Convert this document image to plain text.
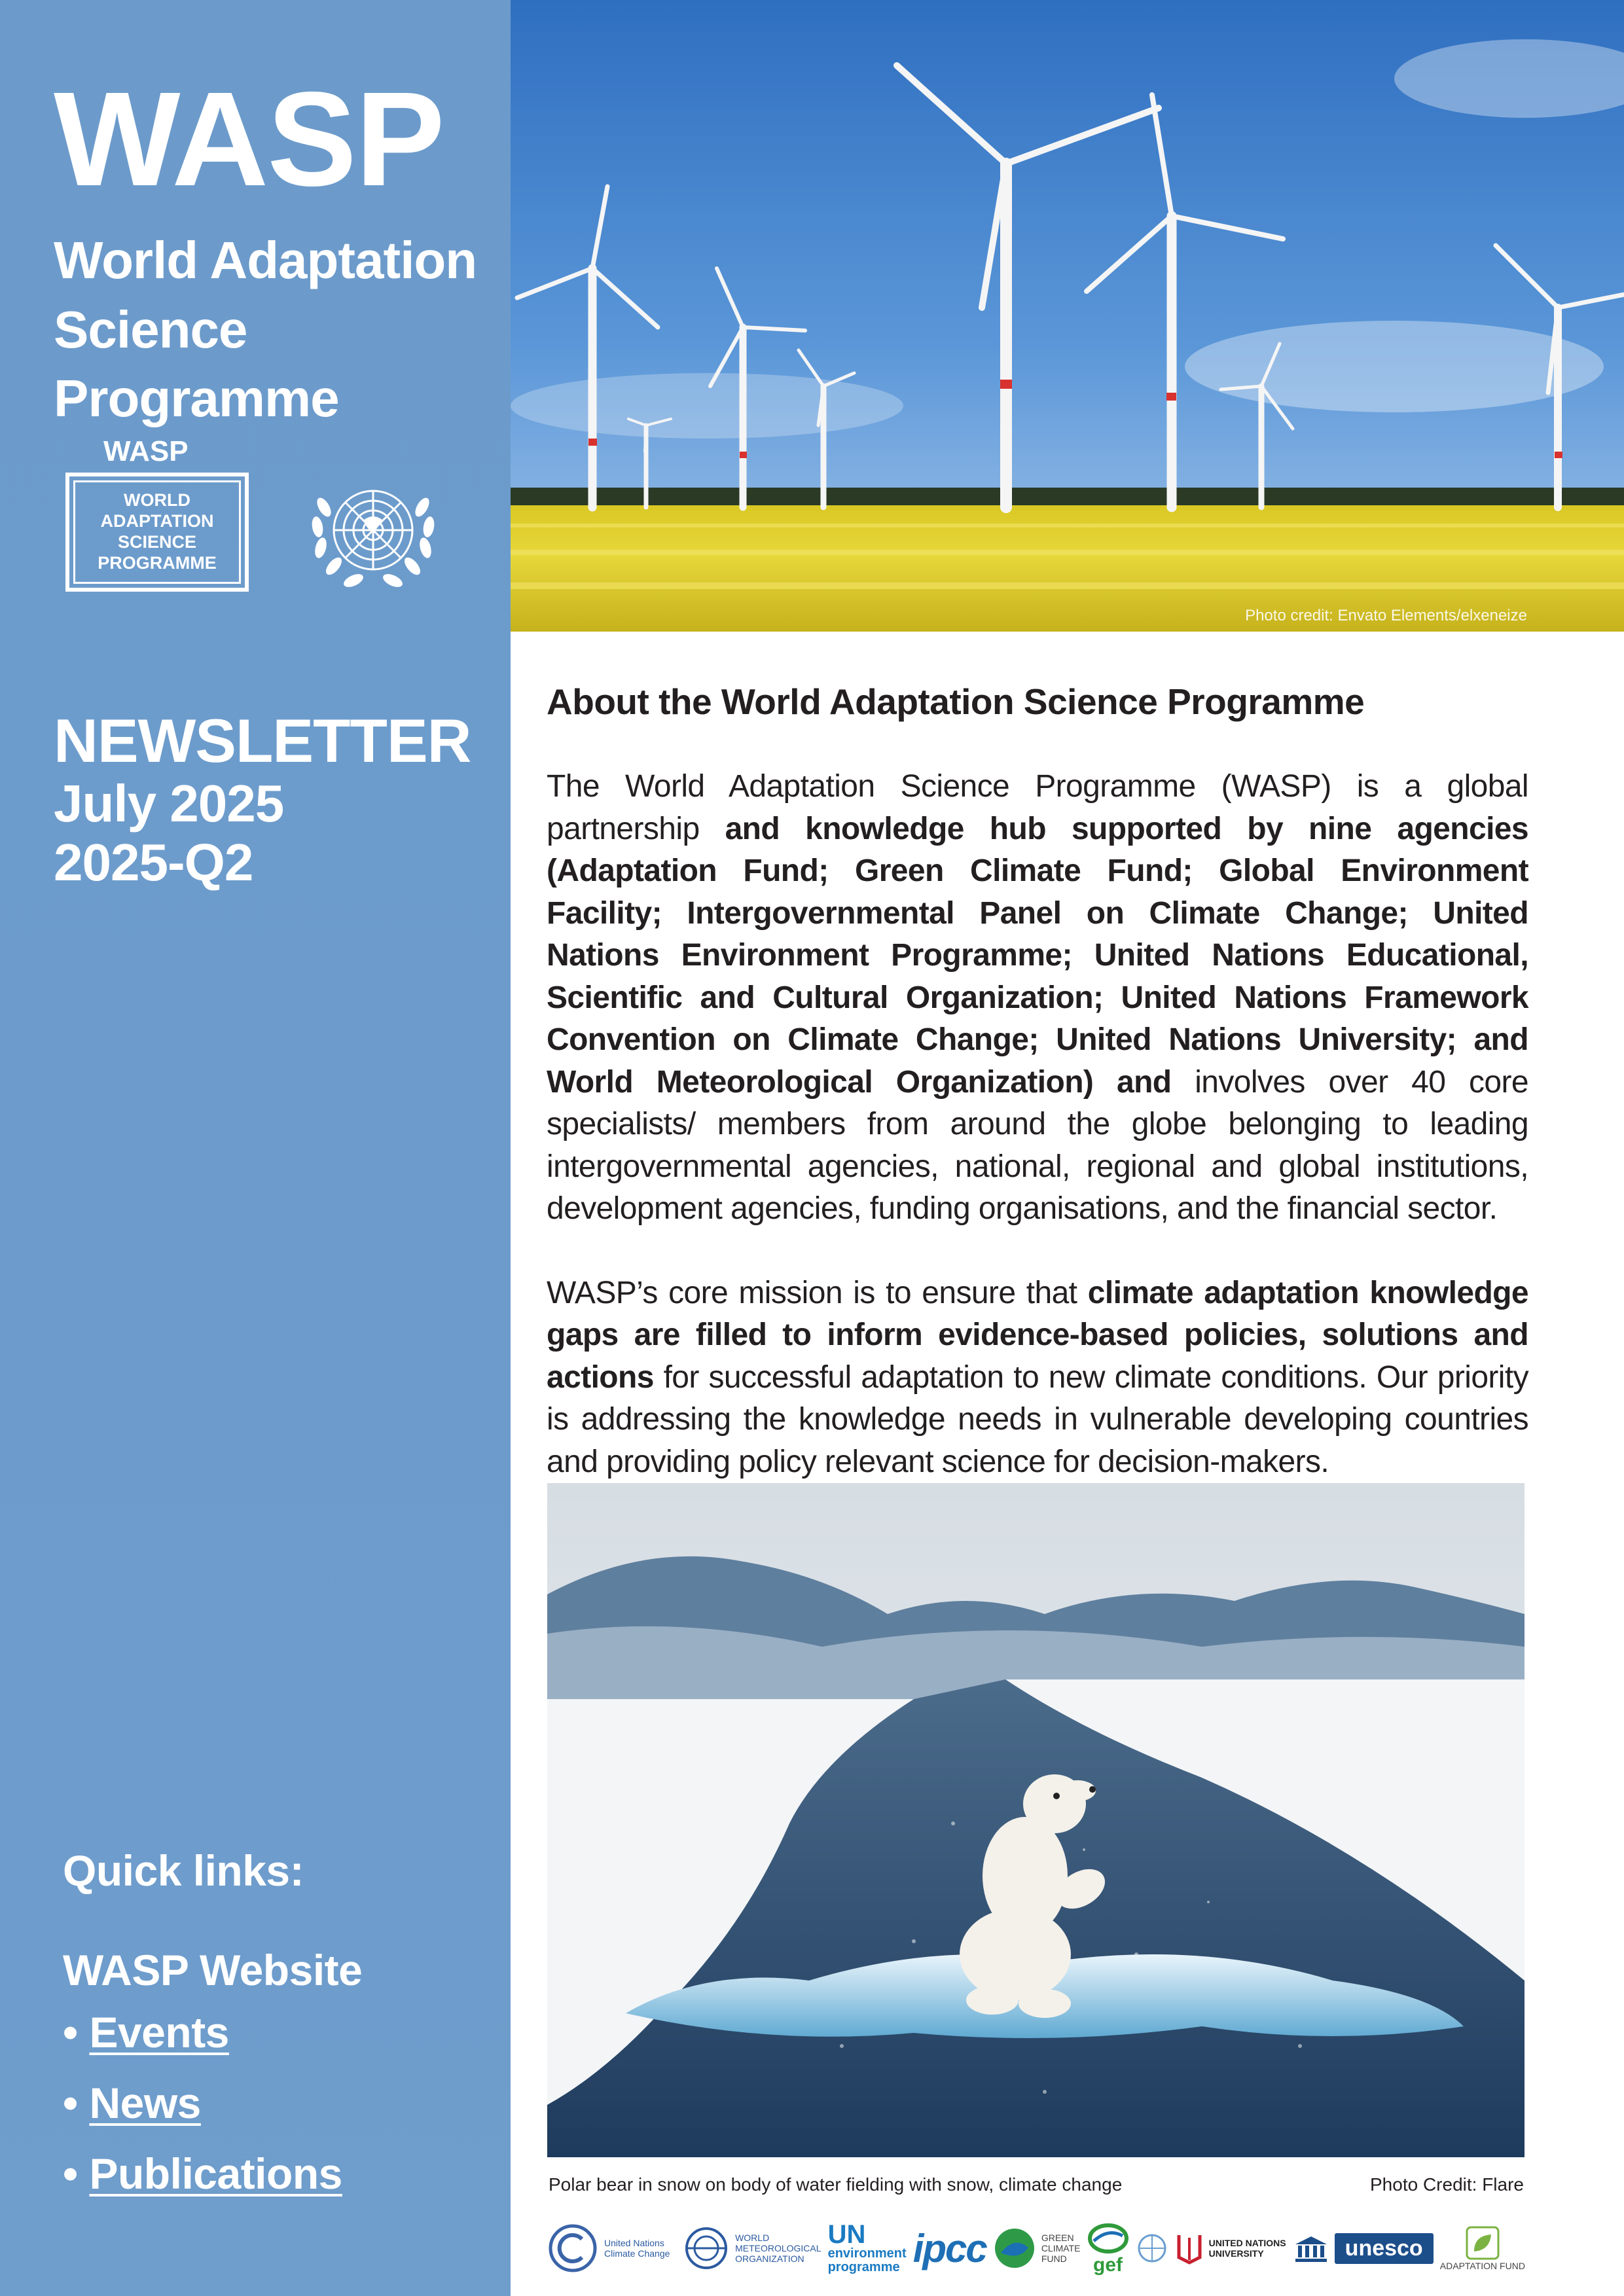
WASP
World Adaptation
Science Programme
WASP
WORLD
ADAPTATION
SCIENCE
PROGRAMME
NEWSLETTER
July 2025
2025-Q2
Quick links:
WASP Website
• Events
• News
• Publications
Photo credit: Envato Elements/elxeneize
About the World Adaptation Science Programme

The World Adaptation Science Programme (WASP) is a global partnership and knowledge hub supported by nine agencies (Adaptation Fund; Green Climate Fund; Global Environment Facility; Intergovernmental Panel on Climate Change; United Nations Environment Programme; United Nations Educational, Scientific and Cultural Organization; United Nations Framework Convention on Climate Change; United Nations University; and World Meteorological Organization) and involves over 40 core specialists/ members from around the globe belonging to leading intergovernmental agencies, national, regional and global institutions, development agencies, funding organisations, and the financial sector.

WASP’s core mission is to ensure that climate adaptation knowledge gaps are filled to inform evidence-based policies, solutions and actions for successful adaptation to new climate conditions. Our priority is addressing the knowledge needs in vulnerable developing countries and providing policy relevant science for decision-makers.

Polar bear in snow on body of water fielding with snow, climate change	Photo Credit: Flare
United Nations Climate Change
WORLD
METEOROLOGICAL
ORGANIZATION
UN
environment
programme ipcc	GREEN
CLIMATE
FUND	gef
UNITED NATIONS
UNIVERSITY	unesco
ADAPTATION FUND
